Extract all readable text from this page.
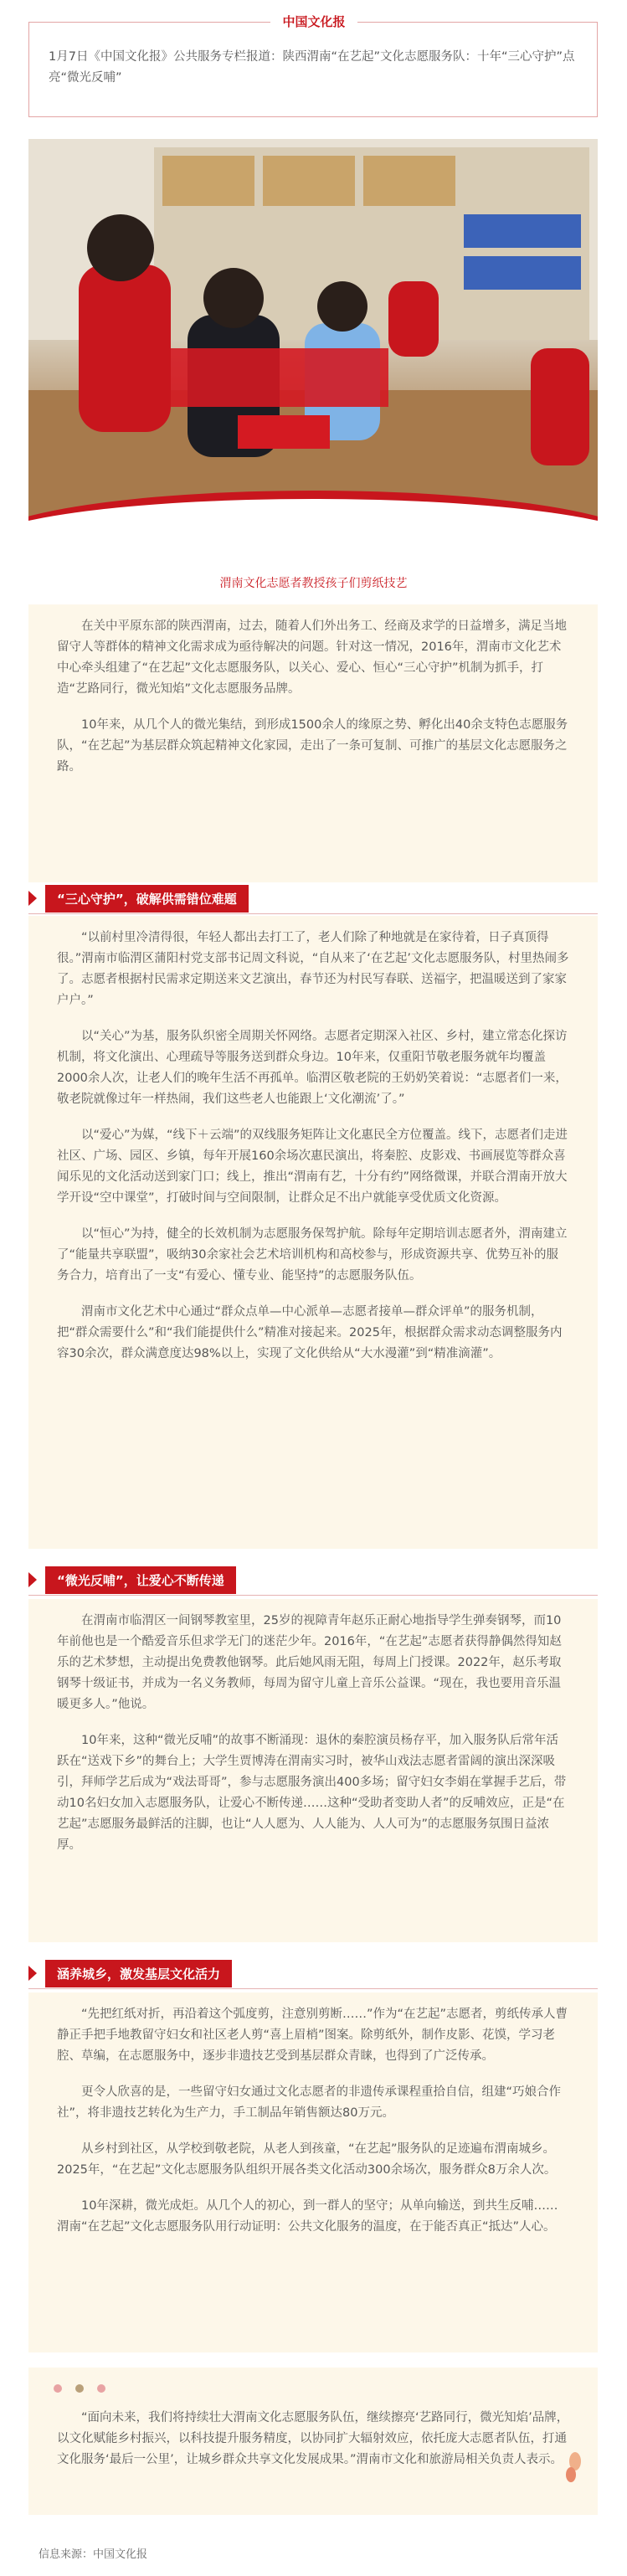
中国文化报
1月7日《中国文化报》公共服务专栏报道：陕西渭南“在艺起”文化志愿服务队：十年“三心守护”点亮“微光反哺”
渭南文化志愿者教授孩子们剪纸技艺

在关中平原东部的陕西渭南，过去，随着人们外出务工、经商及求学的日益增多，满足当地留守人等群体的精神文化需求成为亟待解决的问题。针对这一情况，2016年，渭南市文化艺术中心牵头组建了“在艺起”文化志愿服务队，以关心、爱心、恒心“三心守护”机制为抓手，打造“艺路同行，微光知焰”文化志愿服务品牌。

10年来，从几个人的微光集结，到形成1500余人的缘原之势、孵化出40余支特色志愿服务队，“在艺起”为基层群众筑起精神文化家园，走出了一条可复制、可推广的基层文化志愿服务之路。

“三心守护”，破解供需错位难题

“以前村里冷清得很，年轻人都出去打工了，老人们除了种地就是在家待着，日子真顶得很。”渭南市临渭区蒲阳村党支部书记周文科说，“自从来了‘在艺起’文化志愿服务队，村里热闹多了。志愿者根据村民需求定期送来文艺演出，春节还为村民写春联、送福字，把温暖送到了家家户户。”

以“关心”为基，服务队织密全周期关怀网络。志愿者定期深入社区、乡村，建立常态化探访机制，将文化演出、心理疏导等服务送到群众身边。10年来，仅重阳节敬老服务就年均覆盖2000余人次，让老人们的晚年生活不再孤单。临渭区敬老院的王奶奶笑着说：“志愿者们一来，敬老院就像过年一样热闹，我们这些老人也能跟上‘文化潮流’了。”

以“爱心”为媒，“线下＋云端”的双线服务矩阵让文化惠民全方位覆盖。线下，志愿者们走进社区、广场、园区、乡镇，每年开展160余场次惠民演出，将秦腔、皮影戏、书画展览等群众喜闻乐见的文化活动送到家门口；线上，推出“渭南有艺，十分有约”网络微课，并联合渭南开放大学开设“空中课堂”，打破时间与空间限制，让群众足不出户就能享受优质文化资源。

以“恒心”为持，健全的长效机制为志愿服务保驾护航。除每年定期培训志愿者外，渭南建立了“能量共享联盟”，吸纳30余家社会艺术培训机构和高校参与，形成资源共享、优势互补的服务合力，培育出了一支“有爱心、懂专业、能坚持”的志愿服务队伍。

渭南市文化艺术中心通过“群众点单—中心派单—志愿者接单—群众评单”的服务机制，把“群众需要什么”和“我们能提供什么”精准对接起来。2025年，根据群众需求动态调整服务内容30余次，群众满意度达98%以上，实现了文化供给从“大水漫灌”到“精准滴灌”。

“微光反哺”，让爱心不断传递

在渭南市临渭区一间钢琴教室里，25岁的视障青年赵乐正耐心地指导学生弹奏钢琴，而10年前他也是一个酷爱音乐但求学无门的迷茫少年。2016年，“在艺起”志愿者获得静偶然得知赵乐的艺术梦想，主动提出免费教他钢琴。此后她风雨无阻，每周上门授课。2022年，赵乐考取钢琴十级证书，并成为一名义务教师，每周为留守儿童上音乐公益课。“现在，我也要用音乐温暖更多人。”他说。

10年来，这种“微光反哺”的故事不断涌现：退休的秦腔演员杨存平，加入服务队后常年活跃在“送戏下乡”的舞台上；大学生贾博涛在渭南实习时，被华山戏法志愿者雷阔的演出深深吸引，拜师学艺后成为“戏法哥哥”，参与志愿服务演出400多场；留守妇女李娟在掌握手艺后，带动10名妇女加入志愿服务队，让爱心不断传递……这种“受助者变助人者”的反哺效应，正是“在艺起”志愿服务最鲜活的注脚，也让“人人愿为、人人能为、人人可为”的志愿服务氛围日益浓厚。

涵养城乡，激发基层文化活力

“先把红纸对折，再沿着这个弧度剪，注意别剪断……”作为“在艺起”志愿者，剪纸传承人曹静正手把手地教留守妇女和社区老人剪“喜上眉梢”图案。除剪纸外，制作皮影、花馍，学习老腔、草编，在志愿服务中，逐步非遗技艺受到基层群众青睐，也得到了广泛传承。

更令人欣喜的是，一些留守妇女通过文化志愿者的非遗传承课程重拾自信，组建“巧娘合作社”，将非遗技艺转化为生产力，手工制品年销售额达80万元。

从乡村到社区，从学校到敬老院，从老人到孩童，“在艺起”服务队的足迹遍布渭南城乡。2025年，“在艺起”文化志愿服务队组织开展各类文化活动300余场次，服务群众8万余人次。

10年深耕，微光成炬。从几个人的初心，到一群人的坚守；从单向输送，到共生反哺……渭南“在艺起”文化志愿服务队用行动证明：公共文化服务的温度，在于能否真正“抵达”人心。

“面向未来，我们将持续壮大渭南文化志愿服务队伍，继续擦亮‘艺路同行，微光知焰’品牌，以文化赋能乡村振兴，以科技提升服务精度，以协同扩大辐射效应，依托庞大志愿者队伍，打通文化服务‘最后一公里’，让城乡群众共享文化发展成果。”渭南市文化和旅游局相关负责人表示。

信息来源：中国文化报
